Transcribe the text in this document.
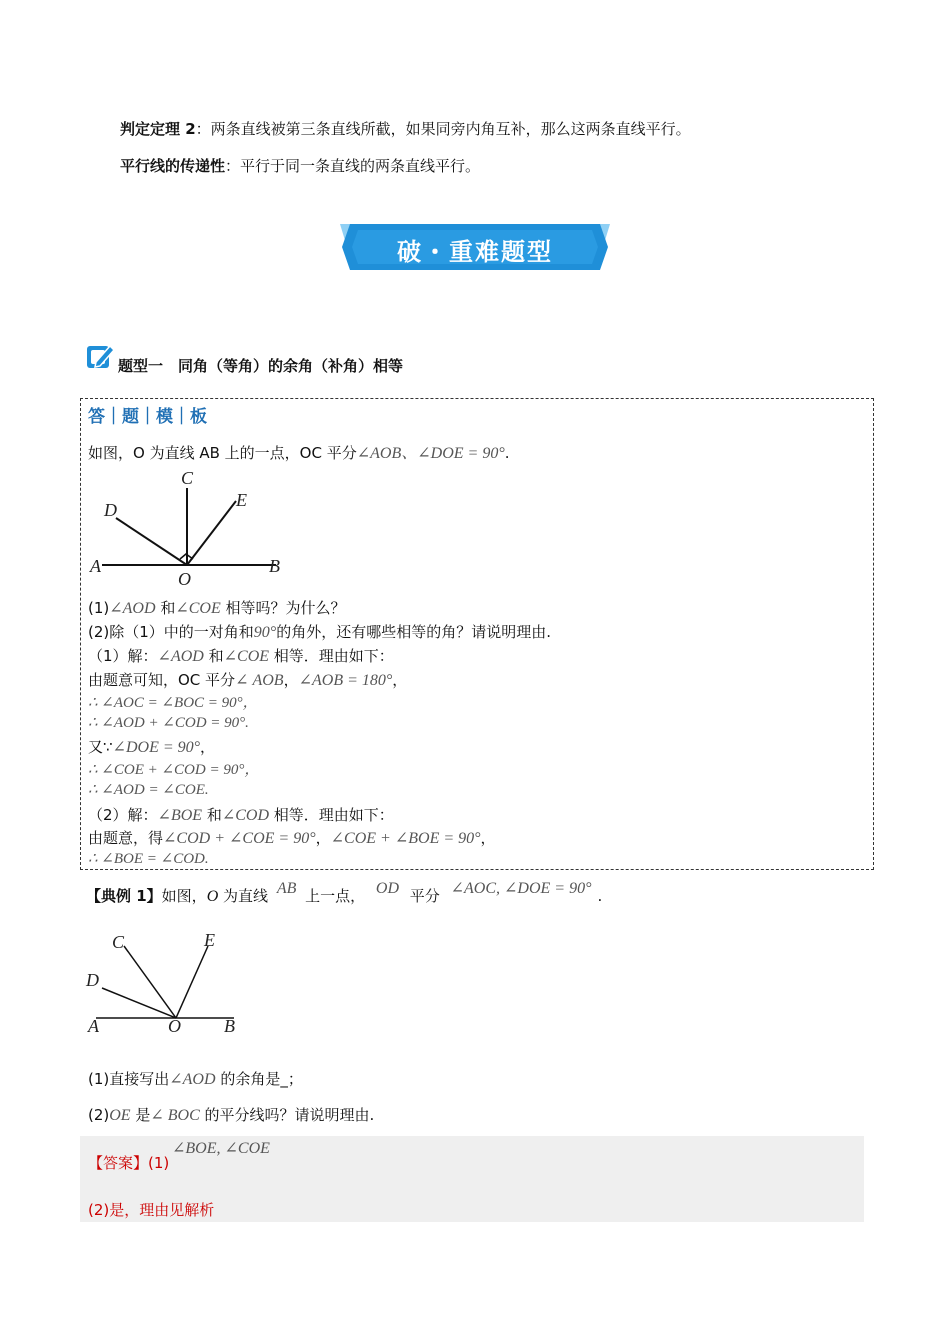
判定定理 2：两条直线被第三条直线所截，如果同旁内角互补，那么这两条直线平行。
平行线的传递性：平行于同一条直线的两条直线平行。
破・重难题型
题型一　同角（等角）的余角（补角）相等
答｜题｜模｜板
如图，O 为直线 AB 上的一点，OC 平分∠AOB、∠DOE = 90°.
A	B
C
D	E
O
(1)∠AOD 和∠COE 相等吗？为什么？
(2)除（1）中的一对角和90°的角外，还有哪些相等的角？请说明理由.
（1）解：∠AOD 和∠COE 相等．理由如下：
由题意可知，OC 平分∠ AOB，∠AOB = 180°，
∴ ∠AOC = ∠BOC = 90°，
∴ ∠AOD + ∠COD = 90°.
又∵∠DOE = 90°，
∴ ∠COE + ∠COD = 90°，
∴ ∠AOD = ∠COE.
（2）解：∠BOE 和∠COD 相等．理由如下：
由题意，得∠COD + ∠COE = 90°，∠COE + ∠BOE = 90°，
∴ ∠BOE = ∠COD.
【典例 1】如图，O 为直线 AB 上一点， OD 平分 ∠AOC, ∠DOE = 90° .
A	B
C
D
E
O
(1)直接写出∠AOD 的余角是_；
(2)OE 是∠ BOC 的平分线吗？请说明理由.
∠BOE, ∠COE
【答案】(1)
(2)是，理由见解析
